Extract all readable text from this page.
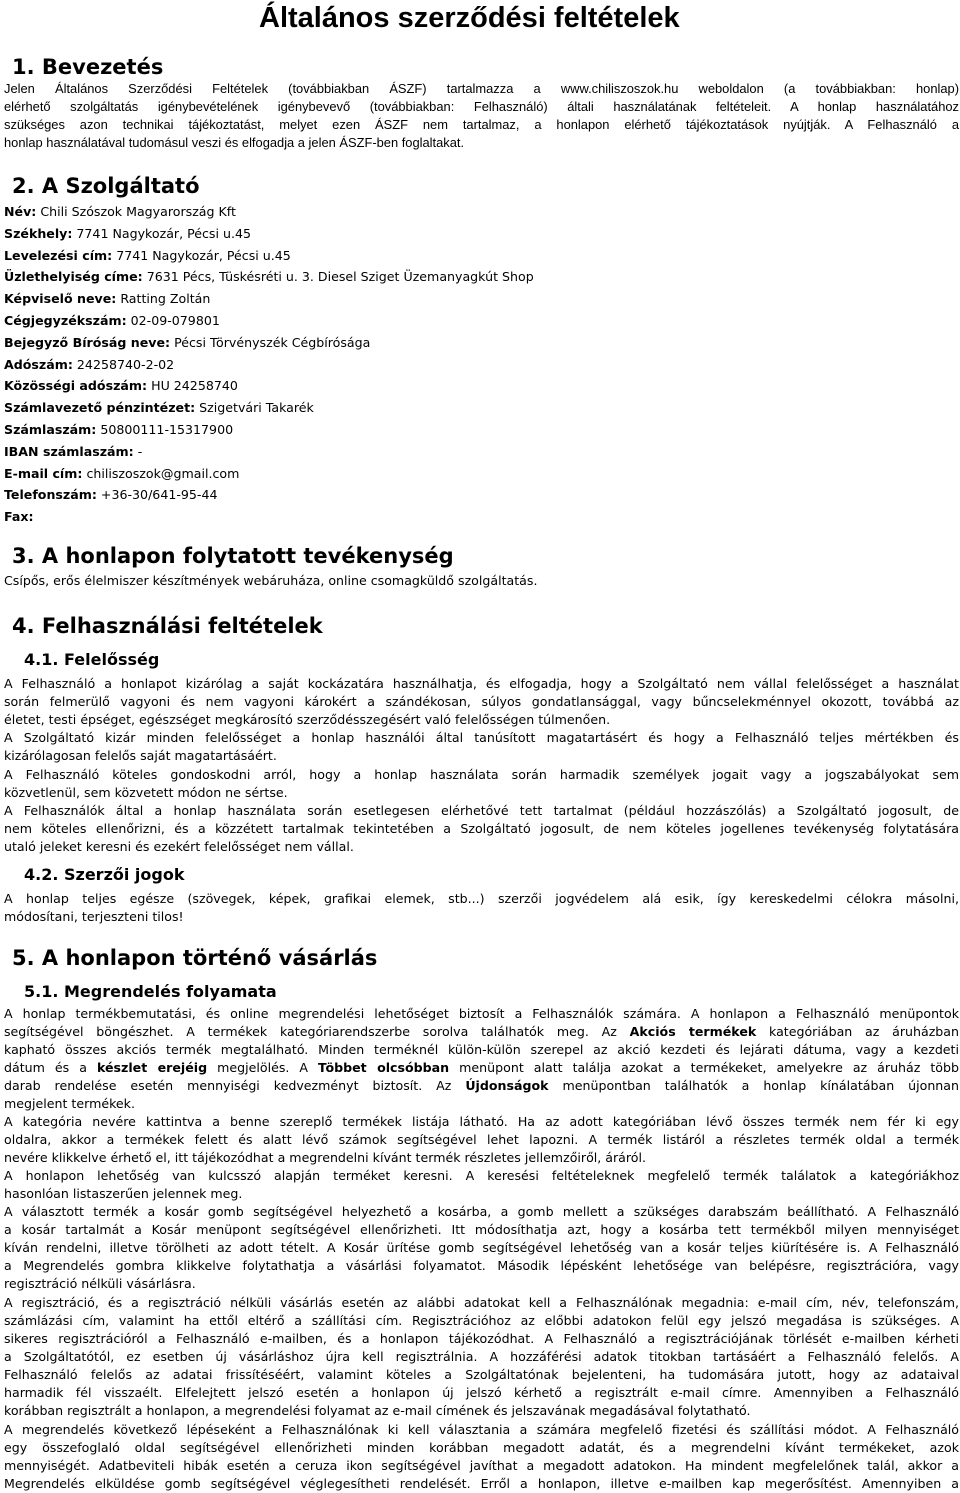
Általános szerződési feltételek
1. Bevezetés
Jelen Általános Szerződési Feltételek (továbbiakban ÁSZF) tartalmazza a www.chiliszoszok.hu weboldalon (a továbbiakban: honlap)
elérhető szolgáltatás igénybevételének igénybevevő (továbbiakban: Felhasználó) általi használatának feltételeit. A honlap használatához
szükséges azon technikai tájékoztatást, melyet ezen ÁSZF nem tartalmaz, a honlapon elérhető tájékoztatások nyújtják. A Felhasználó a
honlap használatával tudomásul veszi és elfogadja a jelen ÁSZF-ben foglaltakat.
2. A Szolgáltató
Név: Chili Szószok Magyarország Kft
Székhely: 7741 Nagykozár, Pécsi u.45
Levelezési cím: 7741 Nagykozár, Pécsi u.45
Üzlethelyiség címe: 7631 Pécs, Tüskésréti u. 3. Diesel Sziget Üzemanyagkút Shop
Képviselő neve: Ratting Zoltán
Cégjegyzékszám: 02-09-079801
Bejegyző Bíróság neve: Pécsi Törvényszék Cégbírósága
Adószám: 24258740-2-02
Közösségi adószám: HU 24258740
Számlavezető pénzintézet: Szigetvári Takarék
Számlaszám: 50800111-15317900
IBAN számlaszám: -
E-mail cím: chiliszoszok@gmail.com
Telefonszám: +36-30/641-95-44
Fax:
3. A honlapon folytatott tevékenység
Csípős, erős élelmiszer készítmények webáruháza, online csomagküldő szolgáltatás.
4. Felhasználási feltételek
4.1. Felelősség
A Felhasználó a honlapot kizárólag a saját kockázatára használhatja, és elfogadja, hogy a Szolgáltató nem vállal felelősséget a használat
során felmerülő vagyoni és nem vagyoni károkért a szándékosan, súlyos gondatlansággal, vagy bűncselekménnyel okozott, továbbá az
életet, testi épséget, egészséget megkárosító szerződésszegésért való felelősségen túlmenően.
A Szolgáltató kizár minden felelősséget a honlap használói által tanúsított magatartásért és hogy a Felhasználó teljes mértékben és
kizárólagosan felelős saját magatartásáért.
A Felhasználó köteles gondoskodni arról, hogy a honlap használata során harmadik személyek jogait vagy a jogszabályokat sem
közvetlenül, sem közvetett módon ne sértse.
A Felhasználók által a honlap használata során esetlegesen elérhetővé tett tartalmat (például hozzászólás) a Szolgáltató jogosult, de
nem köteles ellenőrizni, és a közzétett tartalmak tekintetében a Szolgáltató jogosult, de nem köteles jogellenes tevékenység folytatására
utaló jeleket keresni és ezekért felelősséget nem vállal.
4.2. Szerzői jogok
A honlap teljes egésze (szövegek, képek, grafikai elemek, stb...) szerzői jogvédelem alá esik, így kereskedelmi célokra másolni,
módosítani, terjeszteni tilos!
5. A honlapon történő vásárlás
5.1. Megrendelés folyamata
A honlap termékbemutatási, és online megrendelési lehetőséget biztosít a Felhasználók számára. A honlapon a Felhasználó menüpontok
segítségével böngészhet. A termékek kategóriarendszerbe sorolva találhatók meg. Az Akciós termékek kategóriában az áruházban
kapható összes akciós termék megtalálható. Minden terméknél külön-külön szerepel az akció kezdeti és lejárati dátuma, vagy a kezdeti
dátum és a készlet erejéig megjelölés. A Többet olcsóbban menüpont alatt találja azokat a termékeket, amelyekre az áruház több
darab rendelése esetén mennyiségi kedvezményt biztosít. Az Újdonságok menüpontban találhatók a honlap kínálatában újonnan
megjelent termékek.
A kategória nevére kattintva a benne szereplő termékek listája látható. Ha az adott kategóriában lévő összes termék nem fér ki egy
oldalra, akkor a termékek felett és alatt lévő számok segítségével lehet lapozni. A termék listáról a részletes termék oldal a termék
nevére klikkelve érhető el, itt tájékozódhat a megrendelni kívánt termék részletes jellemzőiről, áráról.
A honlapon lehetőség van kulcsszó alapján terméket keresni. A keresési feltételeknek megfelelő termék találatok a kategóriákhoz
hasonlóan listaszerűen jelennek meg.
A választott termék a kosár gomb segítségével helyezhető a kosárba, a gomb mellett a szükséges darabszám beállítható. A Felhasználó
a kosár tartalmát a Kosár menüpont segítségével ellenőrizheti. Itt módosíthatja azt, hogy a kosárba tett termékből milyen mennyiséget
kíván rendelni, illetve törölheti az adott tételt. A Kosár ürítése gomb segítségével lehetőség van a kosár teljes kiürítésére is. A Felhasználó
a Megrendelés gombra klikkelve folytathatja a vásárlási folyamatot. Második lépésként lehetősége van belépésre, regisztrációra, vagy
regisztráció nélküli vásárlásra.
A regisztráció, és a regisztráció nélküli vásárlás esetén az alábbi adatokat kell a Felhasználónak megadnia: e-mail cím, név, telefonszám,
számlázási cím, valamint ha ettől eltérő a szállítási cím. Regisztrációhoz az előbbi adatokon felül egy jelszó megadása is szükséges. A
sikeres regisztrációról a Felhasználó e-mailben, és a honlapon tájékozódhat. A Felhasználó a regisztrációjának törlését e-mailben kérheti
a Szolgáltatótól, ez esetben új vásárláshoz újra kell regisztrálnia. A hozzáférési adatok titokban tartásáért a Felhasználó felelős. A
Felhasználó felelős az adatai frissítéséért, valamint köteles a Szolgáltatónak bejelenteni, ha tudomására jutott, hogy az adataival
harmadik fél visszaélt. Elfelejtett jelszó esetén a honlapon új jelszó kérhető a regisztrált e-mail címre. Amennyiben a Felhasználó
korábban regisztrált a honlapon, a megrendelési folyamat az e-mail címének és jelszavának megadásával folytatható.
A megrendelés következő lépéseként a Felhasználónak ki kell választania a számára megfelelő fizetési és szállítási módot. A Felhasználó
egy összefoglaló oldal segítségével ellenőrizheti minden korábban megadott adatát, és a megrendelni kívánt termékeket, azok
mennyiségét. Adatbeviteli hibák esetén a ceruza ikon segítségével javíthat a megadott adatokon. Ha mindent megfelelőnek talál, akkor a
Megrendelés elküldése gomb segítségével véglegesítheti rendelését. Erről a honlapon, illetve e-mailben kap megerősítést. Amennyiben a
